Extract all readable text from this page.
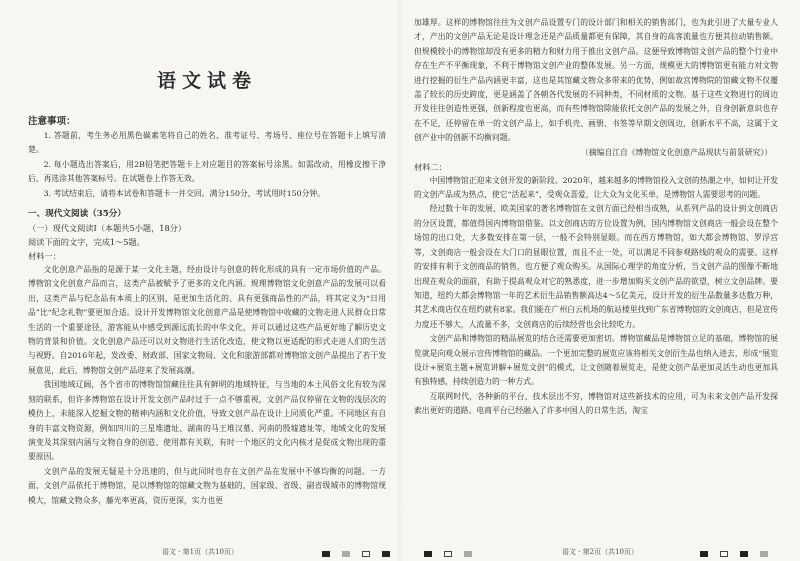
语文试卷
注意事项：

1. 答题前，考生务必用黑色碳素笔将自己的姓名、准考证号、考场号、座位号在答题卡上填写清楚。

2. 每小题选出答案后，用2B铅笔把答题卡上对应题目的答案标号涂黑。如需改动，用橡皮擦干净后，再选涂其他答案标号。在试题卷上作答无效。

3. 考试结束后，请将本试卷和答题卡一并交回。满分150分，考试用时150分钟。

一、现代文阅读（35分）

（一）现代文阅读Ⅰ（本题共5小题，18分）

阅读下面的文字，完成1～5题。

材料一：

文化创意产品指的是源于某一文化主题，经由设计与创意的转化形成的具有一定市场价值的产品。博物馆文化创意产品而言，这类产品被赋予了更多的文化内涵。规理博物馆文化创意产品的发展可以看出，这类产品与纪念品有本质上的区别，是更加生活化的、具有更强商品性的产品，将其定义为“日用品”比“纪念礼物”要更加合适。设计开发博物馆文化创意产品是使博物馆中收藏的文物走进人民群众日常生活的一个重要途径，游客能从中感受到源远流长的中华文化，并可以通过这些产品更好地了解历史文物的背景和价值。文化创意产品还可以对文物进行生活化改造，使文物以更适配的形式走进人们的生活与视野。自2016年起，发改委、财政部、国家文物局、文化和旅游部都对博物馆文创产品提出了若干发展意见，此后，博物馆文创产品迎来了发展高潮。

我国地域辽阔，各个省市的博物馆馆藏往往具有鲜明的地域特征，与当地的本土风俗文化有较为深刻的联系，但许多博物馆在设计开发文创产品时过于一点不够重视，文创产品仅停留在文物的浅层次的模仿上，未能深入挖掘文物的精神内涵和文化价值，导致文创产品在设计上同质化严重。不同地区有自身的丰富文物资源，例如四川的三星堆遗址、湖南的马王堆汉墓、河南的殷墟遗址等，地域文化的发展演变及其深刻内涵与文物自身的创造、使用都有关联，有时一个地区的文化内核才是促成文物出现的重要原因。

文创产品的发展无疑是十分迅速的，但与此同时也存在文创产品在发展中不够均衡的问题。一方面，文创产品依托于博物馆，是以博物馆的馆藏文物为基础的，国家级、省级、副省级城市的博物馆规模大，馆藏文物众多，藤光率更高，资历更深，实力也更

语文 · 第1页（共10页）

加雄厚。这样的博物馆往往为文创产品设置专门的设计部门和相关的销售部门，也为此引进了大量专业人才，产出的文创产品无论是设计理念还是产品质量都更有保障，其自身的高客流量也方便其拉动销售额。但规模较小的博物馆却没有更多的精力和财力用于推出文创产品。这便导致博物馆文创产品的整个行业中存在生产不平衡现象，不利于博物馆文创产业的整体发展。另一方面，规模更大的博物馆更有能力对文物进行挖掘的衍生产品内涵更丰富，这也是其馆藏文物众多带来的优势，例如故宫博物院的馆藏文物不仅覆盖了较长的历史跨度，更是涵盖了各朝各代发展的不同种类，不同材质的文物。基于这些文物进行的周边开发往往创造性更强，创新程度也更高，而有些博物馆除能依托文创产品的发展之外，自身创新意识也存在不足，还停留在单一的文创产品上，如手机壳、画册、书签等早期文创周边，创新水平不高，这属于文创产业中的创新不均衡问题。

（摘编自江自《博物馆文化创意产品现状与前景研究》）

材料二：

中国博物馆正迎来文创开发的新阶段。2020年，越来越多的博物馆投入文创的热潮之中，如何让开发的文创产品成为热点，使它“活起来”，受观众喜爱，让大众为文化买单，是博物馆人需要思考的问题。

经过数十年的发展，欧美国家的著名博物馆在文创方面已经相当成熟，从系列产品的设计到文创商店的分区设置，都值得国内博物馆借鉴。以文创商店的方位设置为例，国内博物馆文创商店一般会设在整个场馆的出口处，大多数安排在第一层，一般不会特别显眼。而在西方博物馆，如大都会博物馆、罗浮宫等，文创商店一般会设在大门口的显眼位置，而且不止一处，可以满足不同参观路线的观众的需要。这样的安排有利于文创商品的销售，也方便了观众购买。从国际心理学的角度分析，当文创产品的图像不断地出现在观众的面前，有助于提高观众对它的熟悉度，进一步增加购买文创产品的欲望，树立文创品牌。要知道，纽约大都会博物馆一年的艺术衍生品销售额高达4～5亿美元，设计开发的衍生品数量多达数万种，其艺术商店仅在纽约就有8家。我们能在广州白云机场的航站楼里找到广东省博物馆的文创商店，但是宣传力度还不够大，人流量不多，文创商店的后续经营也会比较吃力。

文创产品和博物馆的精品展览的结合还需要更加密切。博物馆藏品是博物馆立足的基础，博物馆的展览就是向观众展示宣传博物馆的藏品。一个更加完整的展览应该将相关文创衍生品也纳入进去，形成“展览设计+展览主题+展览讲解+展览文创”的模式，让文创随着展览走，是使文创产品更加灵活生动也更加具有独特感，持续创造力的一种方式。

互联网时代，各种新的平台、技术层出不穷，博物馆对这些新技术的应用，可为未来文创产品开发探索出更好的道路。电商平台已经融入了许多中国人的日常生活，淘宝

语文 · 第2页（共10页）
